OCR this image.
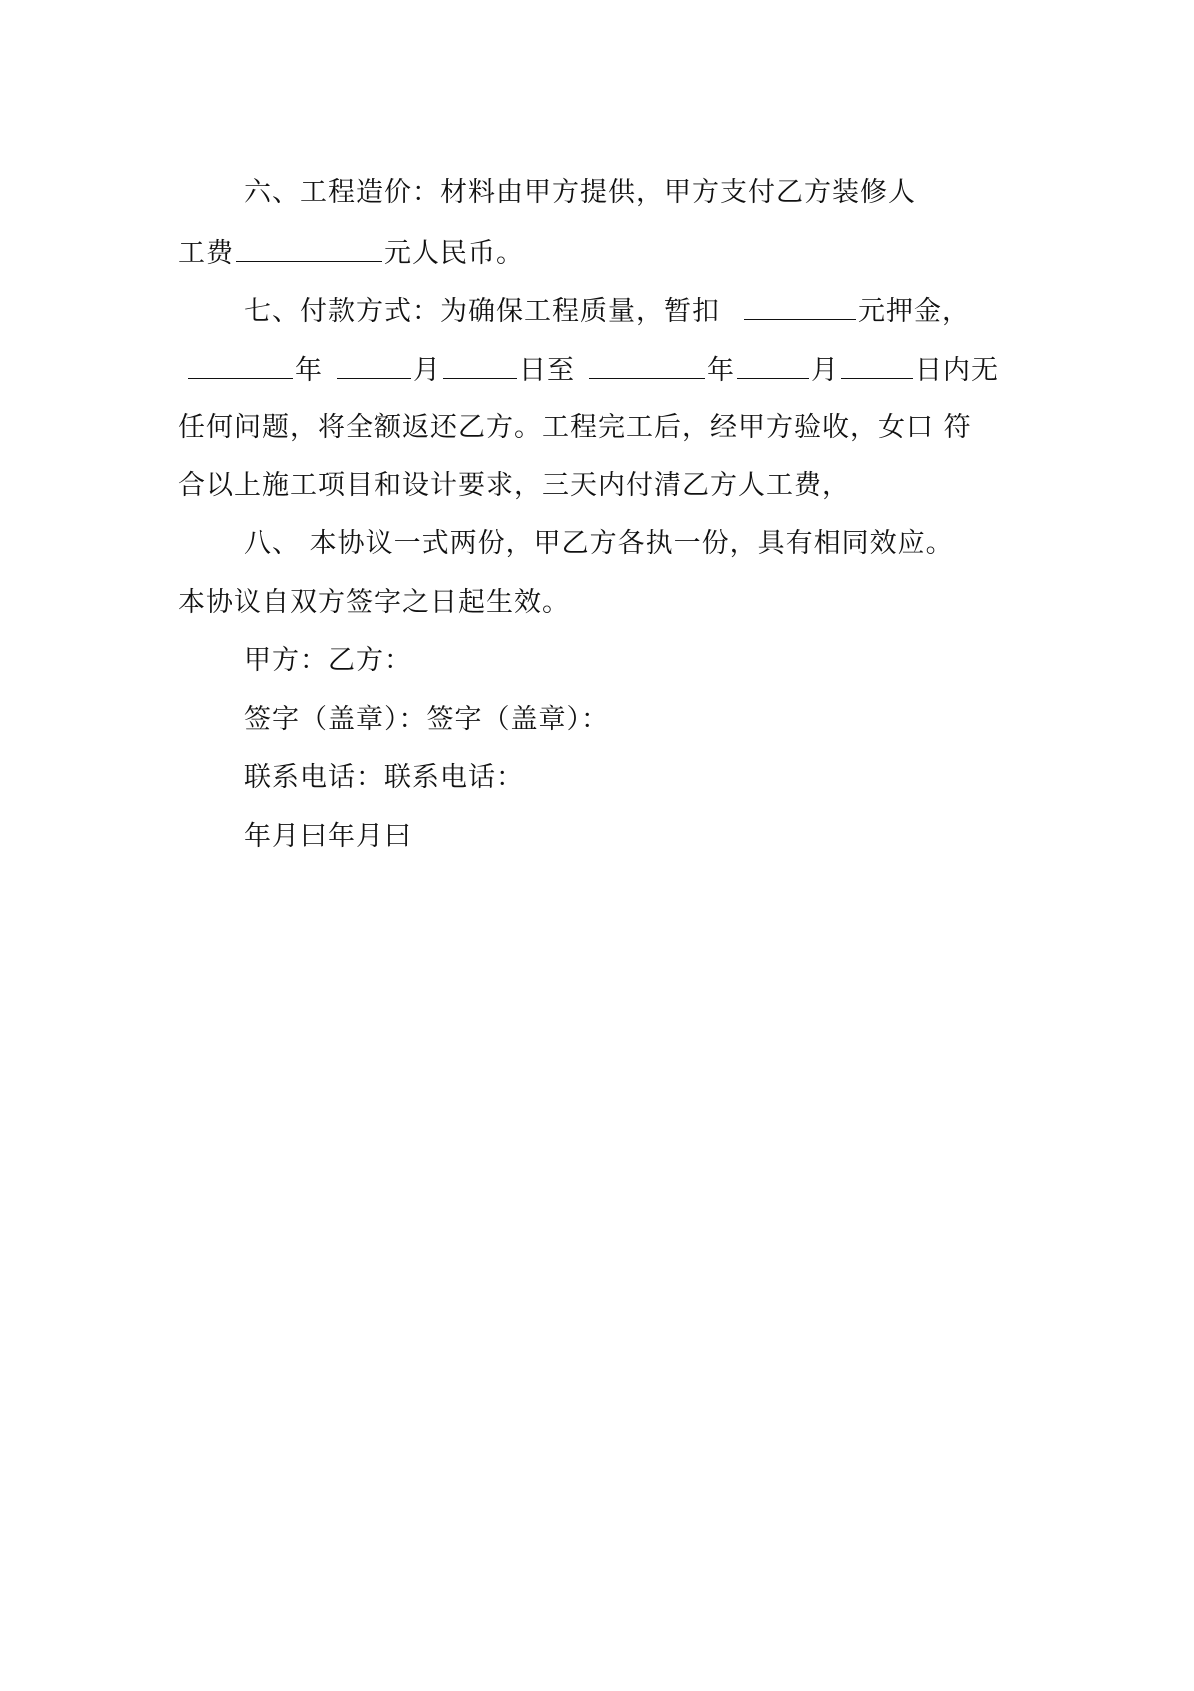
六、工程造价：材料由甲方提供，甲方支付乙方装修人
工费	元人民币。
七、付款方式：为确保工程质量，暂扣	元押金，
年	月	日至	年	月	日内无
任何问题，将全额返还乙方。工程完工后，经甲方验收，女口 符
合以上施工项目和设计要求，三天内付清乙方人工费，
八、 本协议一式两份，甲乙方各执一份，具有相同效应。
本协议自双方签字之日起生效。
甲方：乙方：
签字（盖章）：签字（盖章）：
联系电话：联系电话：
年月曰年月曰
